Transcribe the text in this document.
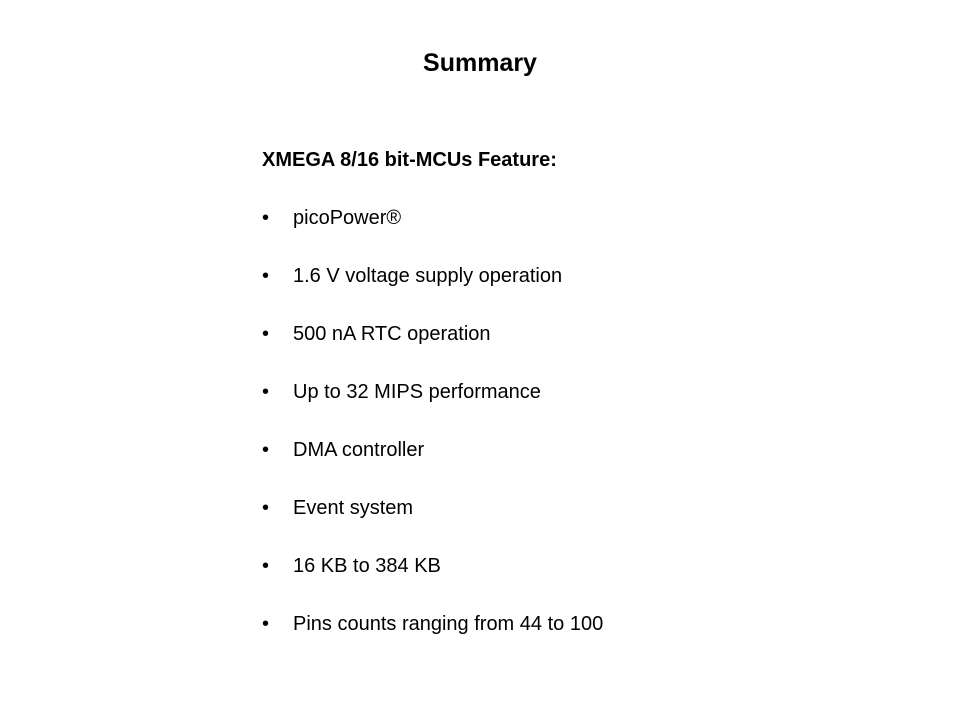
Summary

XMEGA 8/16 bit-MCUs Feature:

•	picoPower®
•	1.6 V voltage supply operation
•	500 nA RTC operation
•	Up to 32 MIPS performance
•	DMA controller
•	Event system
•	16 KB to 384 KB
•	Pins counts ranging from 44 to 100
